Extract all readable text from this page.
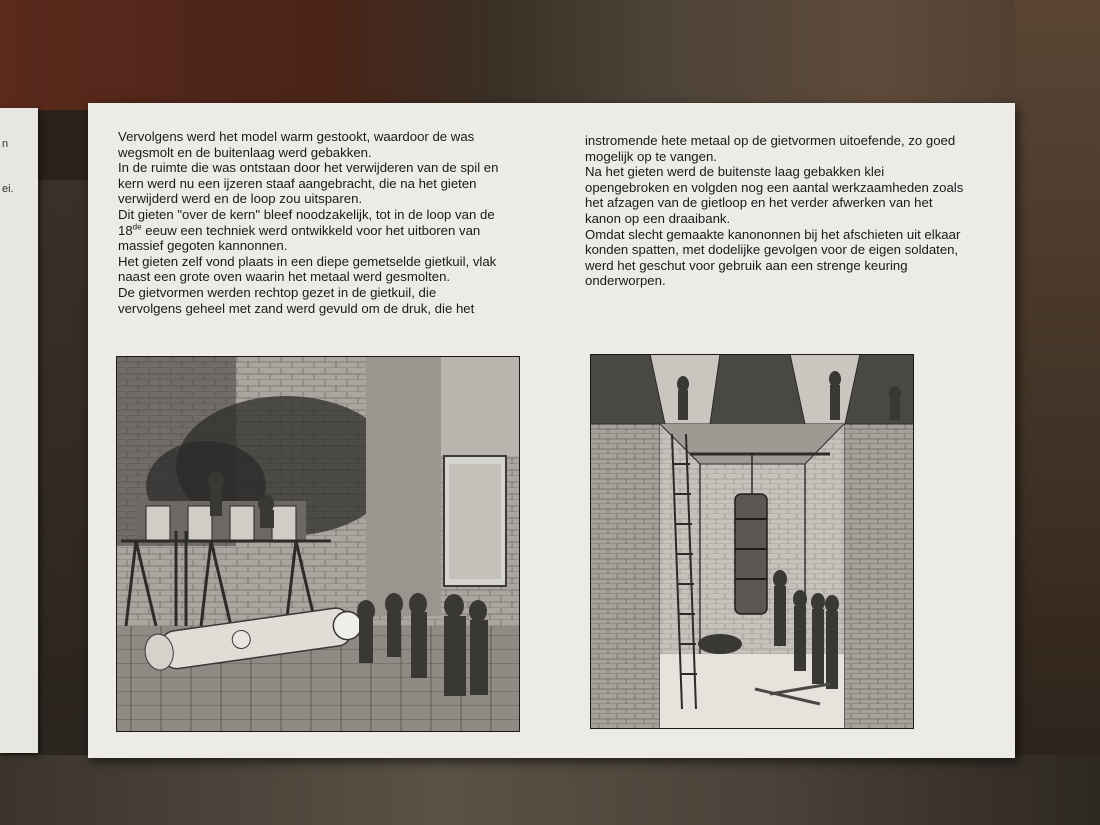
n
ei.

Vervolgens werd het model warm gestookt, waardoor de was

wegsmolt en de buitenlaag werd gebakken.

In de ruimte die was ontstaan door het verwijderen van de spil en

kern werd nu een ijzeren staaf aangebracht, die na het gieten

verwijderd werd en de loop zou uitsparen.

Dit gieten "over de kern" bleef noodzakelijk, tot in de loop van de

18de eeuw een techniek werd ontwikkeld voor het uitboren van

massief gegoten kannonnen.

Het gieten zelf vond plaats in een diepe gemetselde gietkuil, vlak

naast een grote oven waarin het metaal werd gesmolten.

De gietvormen werden rechtop gezet in de gietkuil, die

vervolgens geheel met zand werd gevuld om de druk, die het

instromende hete metaal op de gietvormen uitoefende, zo goed

mogelijk op te vangen.

Na het gieten werd de buitenste laag gebakken klei

opengebroken en volgden nog een aantal werkzaamheden zoals

het afzagen van de gietloop en het verder afwerken van het

kanon op een draaibank.

Omdat slecht gemaakte kanononnen bij het afschieten uit elkaar

konden spatten, met dodelijke gevolgen voor de eigen soldaten,

werd het geschut voor gebruik aan een strenge keuring

onderworpen.
